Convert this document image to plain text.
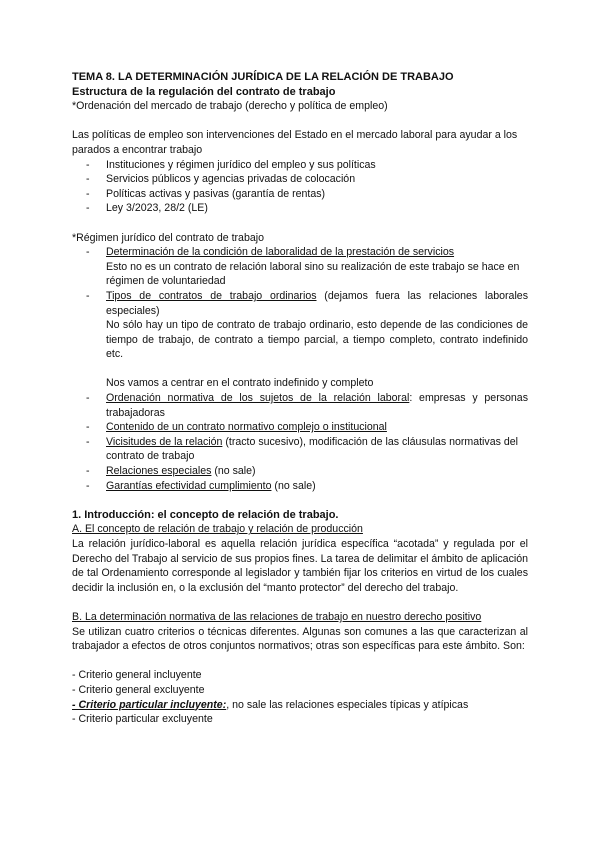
TEMA 8. LA DETERMINACIÓN JURÍDICA DE LA RELACIÓN DE TRABAJO
Estructura de la regulación del contrato de trabajo
*Ordenación del mercado de trabajo (derecho y política de empleo)
Las políticas de empleo son intervenciones del Estado en el mercado laboral para ayudar a los parados a encontrar trabajo
- Instituciones y régimen jurídico del empleo y sus políticas
- Servicios públicos y agencias privadas de colocación
- Políticas activas y pasivas (garantía de rentas)
- Ley 3/2023, 28/2 (LE)
*Régimen jurídico del contrato de trabajo
- Determinación de la condición de laboralidad de la prestación de servicios
Esto no es un contrato de relación laboral sino su realización de este trabajo se hace en régimen de voluntariedad
- Tipos de contratos de trabajo ordinarios (dejamos fuera las relaciones laborales especiales)
No sólo hay un tipo de contrato de trabajo ordinario, esto depende de las condiciones de tiempo de trabajo, de contrato a tiempo parcial, a tiempo completo, contrato indefinido etc.
Nos vamos a centrar en el contrato indefinido y completo
- Ordenación normativa de los sujetos de la relación laboral: empresas y personas trabajadoras
- Contenido de un contrato normativo complejo o institucional
- Vicisitudes de la relación (tracto sucesivo), modificación de las cláusulas normativas del contrato de trabajo
- Relaciones especiales (no sale)
- Garantías efectividad cumplimiento (no sale)
1. Introducción: el concepto de relación de trabajo.
A. El concepto de relación de trabajo y relación de producción
La relación jurídico-laboral es aquella relación jurídica específica “acotada” y regulada por el Derecho del Trabajo al servicio de sus propios fines. La tarea de delimitar el ámbito de aplicación de tal Ordenamiento corresponde al legislador y también fijar los criterios en virtud de los cuales decidir la inclusión en, o la exclusión del “manto protector” del derecho del trabajo.
B. La determinación normativa de las relaciones de trabajo en nuestro derecho positivo
Se utilizan cuatro criterios o técnicas diferentes. Algunas son comunes a las que caracterizan al trabajador a efectos de otros conjuntos normativos; otras son específicas para este ámbito. Son:
- Criterio general incluyente
- Criterio general excluyente
- Criterio particular incluyente:, no sale las relaciones especiales típicas y atípicas
- Criterio particular excluyente
